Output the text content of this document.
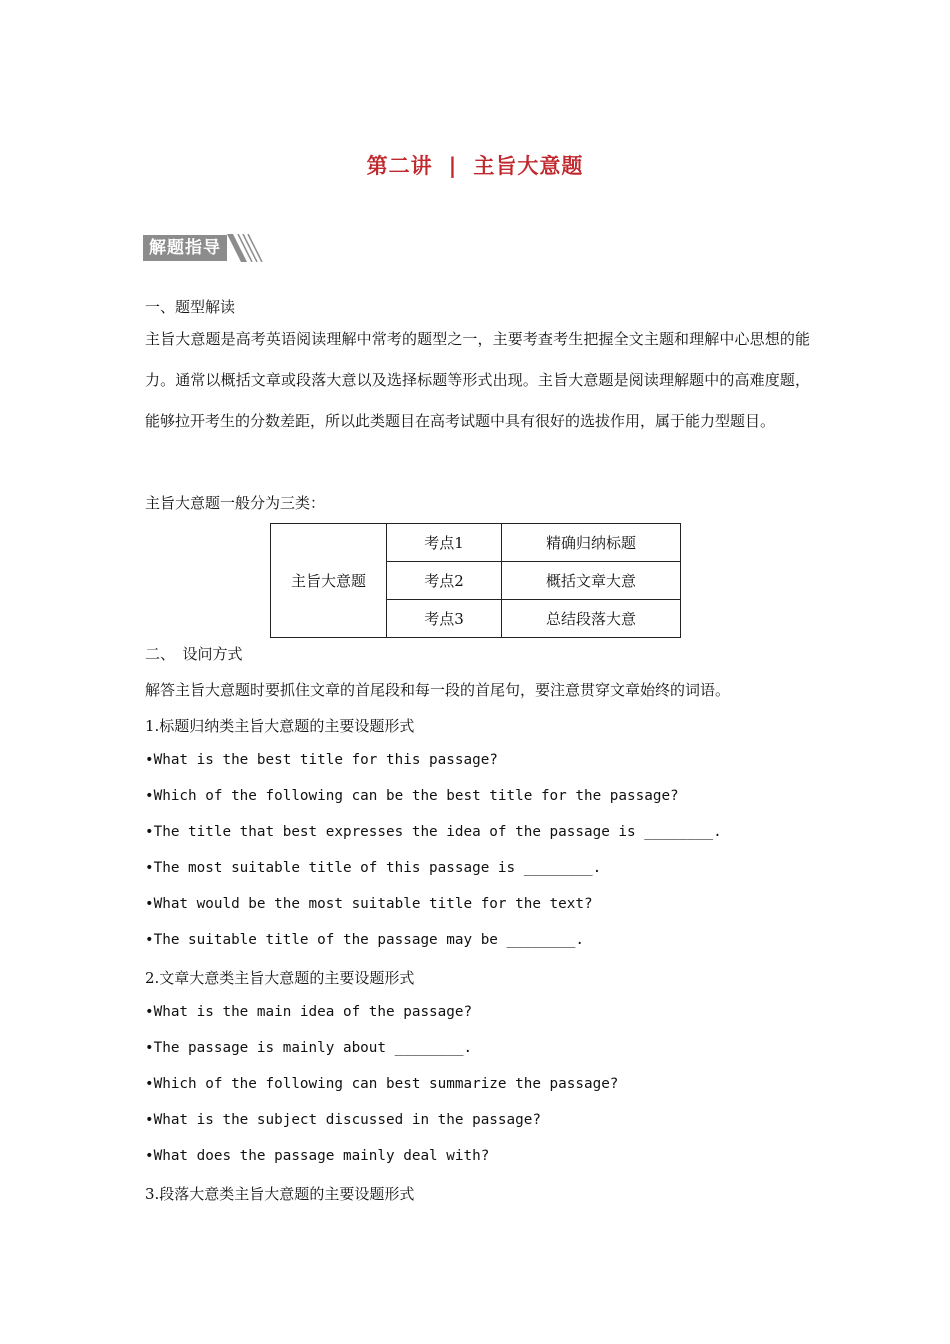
第二讲 | 主旨大意题
解题指导
一、题型解读
主旨大意题是高考英语阅读理解中常考的题型之一，主要考查考生把握全文主题和理解中心思想的能力。通常以概括文章或段落大意以及选择标题等形式出现。主旨大意题是阅读理解题中的高难度题，能够拉开考生的分数差距，所以此类题目在高考试题中具有很好的选拔作用，属于能力型题目。
主旨大意题一般分为三类：
二、　设问方式
解答主旨大意题时要抓住文章的首尾段和每一段的首尾句，要注意贯穿文章始终的词语。
1.标题归纳类主旨大意题的主要设题形式
•What is the best title for this passage?
•Which of the following can be the best title for the passage?
•The title that best expresses the idea of the passage is ________.
•The most suitable title of this passage is ________.
•What would be the most suitable title for the text?
•The suitable title of the passage may be ________.
2.文章大意类主旨大意题的主要设题形式
•What is the main idea of the passage?
•The passage is mainly about ________.
•Which of the following can best summarize the passage?
•What is the subject discussed in the passage?
•What does the passage mainly deal with?
3.段落大意类主旨大意题的主要设题形式
主旨大意题	考点1	精确归纳标题
	考点2	概括文章大意
	考点3	总结段落大意
